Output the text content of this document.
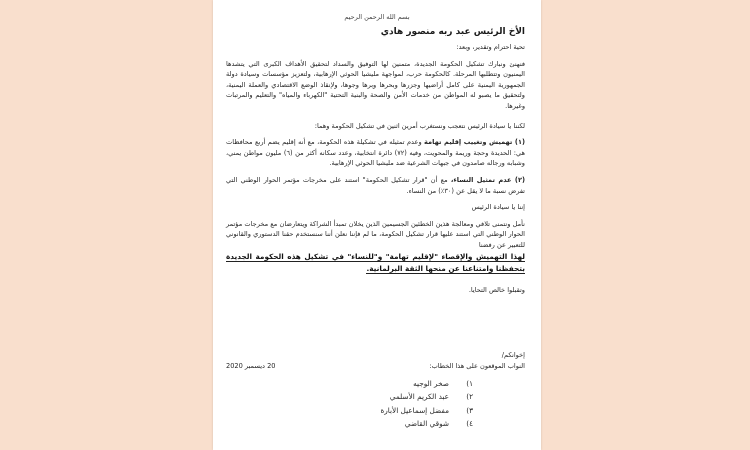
بسم الله الرحمن الرحيم
الأخ الرئيس عبد ربه منصور هادي

تحية احترام وتقدير، وبعد:

فنهنئ ونبارك تشكيل الحكومة الجديدة، متمنين لها التوفيق والسداد لتحقيق الأهداف الكبرى التي يتشدها اليمنيون وتتطلبها المرحلة. كالحكومة حرب، لمواجهة مليشيا الحوثي الإرهابية، ولتعزيز مؤسسات وسيادة دولة الجمهورية اليمنية على كامل أراضيها وجزرها وبحرها وبرها وجوها، ولإنقاذ الوضع الاقتصادي والعملة اليمنية، ولتحقيق ما يصبو له المواطن من خدمات الأمن والصحة والبنية التحتية "الكهرباء والمياه" والتعليم والمرتبات وغيرها.

لكننا يا سيادة الرئيس نتعجب ونستغرب أمرين اثنين في تشكيل الحكومة وهما:

(١) تهميش وتغييب إقليم تهامة وعدم تمثيله في تشكيلة هذه الحكومة، مع أنه إقليم يضم أربع محافظات هي: الحديدة وحجة وريمة والمحويت، وفيه (٧٢) دائرة انتخابية، وعدد سكانه أكثر من (٦) مليون مواطن يمني، وشبابه ورجاله صامدون في جبهات الشرعية ضد مليشيا الحوثي الإرهابية.

(٢) عدم تمثيل النساء، مع أن "قرار تشكيل الحكومة" استند على مخرجات مؤتمر الحوار الوطني التي تفرض نسبة ما لا يقل عن (٣٠٪) من النساء.

إننا يا سيادة الرئيس

نأمل ونتمنى تلافي ومعالجة هذين الخطئين الجسيمين الذين يخلان تمبدأ الشراكة ويتعارضان مع مخرجات مؤتمر الحوار الوطني التي استند عليها قرار تشكيل الحكومة، ما لم فإننا نعلن أننا سنستخدم حقنا الدستوري والقانوني للتعبير عن رفضنا

لهذا التهميش والإقصاء "لإقليم تهامة" و"للنساء" في تشكيل هذه الحكومة الجديدة بتحفظنا وامتناعنا عن منحها الثقة البرلمانية.

وتقبلوا خالص التحايا.

إخوانكم/

النواب الموقعون على هذا الخطاب:
20 ديسمبر 2020
١)
صخر الوجيه
٢)
عبد الكريم الأسلمي
٣)
مفضل إسماعيل الأبارة
٤)
شوقي القاضي
